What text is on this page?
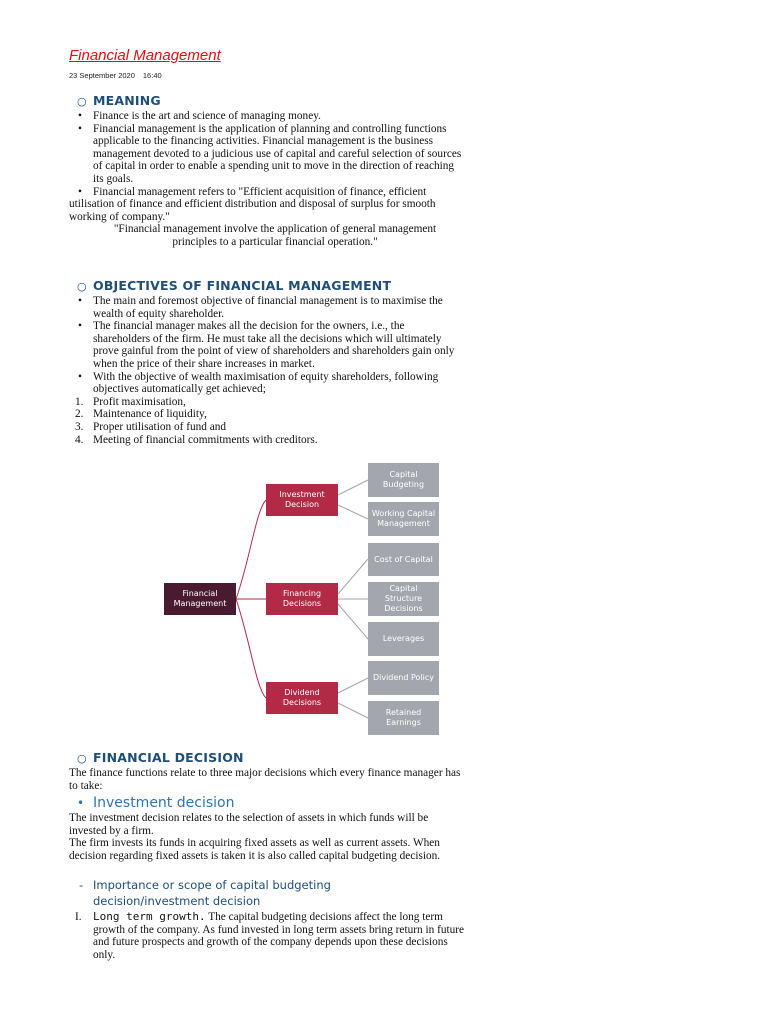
Financial Management
23 September 2020 16:40
○ MEANING
• Finance is the art and science of managing money.
• Financial management is the application of planning and controlling functions applicable to the financing activities. Financial management is the business management devoted to a judicious use of capital and careful selection of sources of capital in order to enable a spending unit to move in the direction of reaching its goals.
• Financial management refers to "Efficient acquisition of finance, efficient

utilisation of finance and efficient distribution and disposal of surplus for smooth working of company."

"Financial management involve the application of general management principles to a particular financial operation."

○ OBJECTIVES OF FINANCIAL MANAGEMENT
• The main and foremost objective of financial management is to maximise the wealth of equity shareholder.
• The financial manager makes all the decision for the owners, i.e., the shareholders of the firm. He must take all the decisions which will ultimately prove gainful from the point of view of shareholders and shareholders gain only when the price of their share increases in market.
• With the objective of wealth maximisation of equity shareholders, following objectives automatically get achieved;
1. Profit maximisation,
2. Maintenance of liquidity,
3. Proper utilisation of fund and
4. Meeting of financial commitments with creditors.
Financial Management
Investment Decision
Financing Decisions
Dividend Decisions
Capital Budgeting
Working Capital Management
Cost of Capital
Capital Structure Decisions
Leverages
Dividend Policy
Retained Earnings
○ FINANCIAL DECISION
The finance functions relate to three major decisions which every finance manager has to take:
• Investment decision

The investment decision relates to the selection of assets in which funds will be invested by a firm.

The firm invests its funds in acquiring fixed assets as well as current assets. When decision regarding fixed assets is taken it is also called capital budgeting decision.

- Importance or scope of capital budgeting decision/investment decision
I.	Long term growth. The capital budgeting decisions affect the long term growth of the company. As fund invested in long term assets bring return in future and future prospects and growth of the company depends upon these decisions only.
